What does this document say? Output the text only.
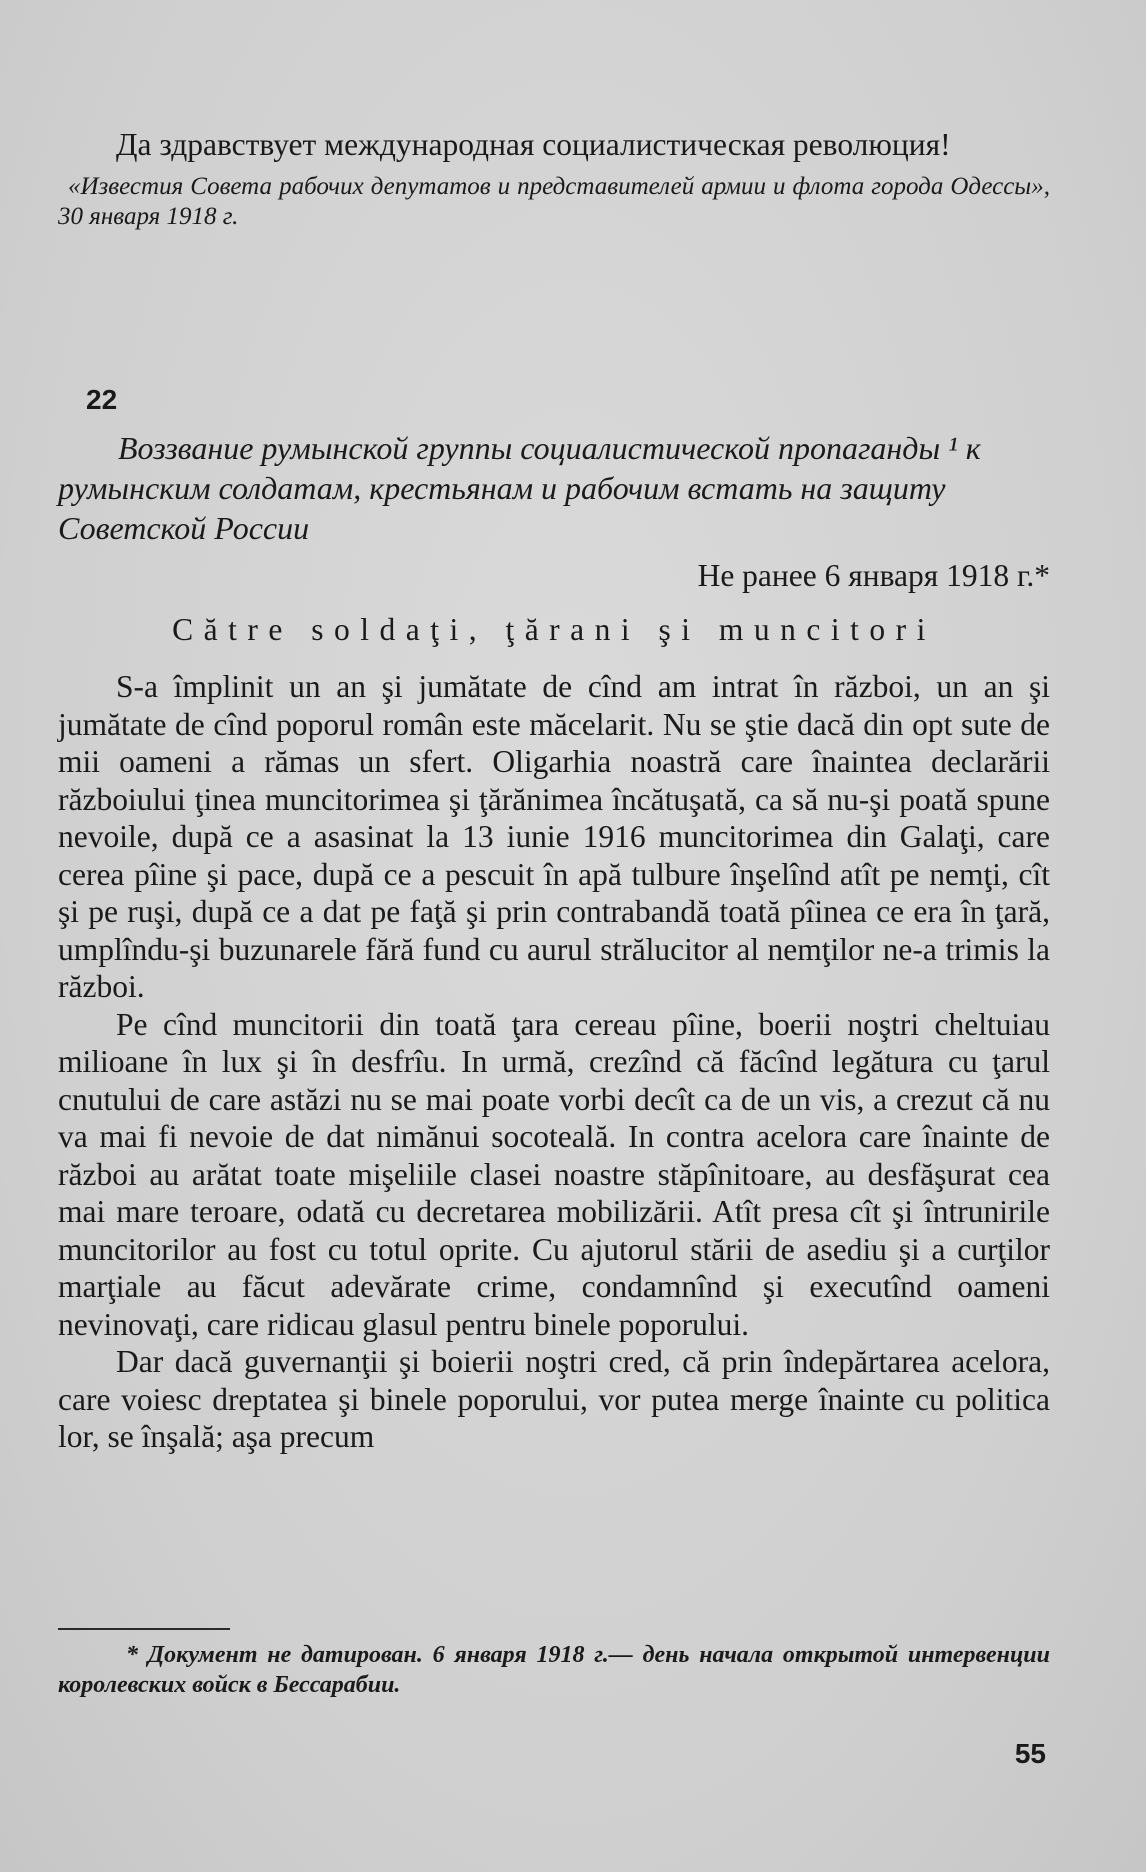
Да здравствует международная социалистическая революция!

«Известия Совета рабочих депутатов и представителей армии и флота города Одессы», 30 января 1918 г.

22

Воззвание румынской группы социалистической пропаганды ¹ к румынским солдатам, крестьянам и рабочим встать на защиту Советской России

Не ранее 6 января 1918 г.*
Către soldaţi, ţărani şi muncitori

S-a împlinit un an şi jumătate de cînd am intrat în război, un an şi jumătate de cînd poporul român este măcelarit. Nu se ştie dacă din opt sute de mii oameni a rămas un sfert. Oligarhia noastră care înaintea declarării războiului ţinea muncitorimea şi ţărănimea încătuşată, ca să nu-şi poată spune nevoile, după ce a asasinat la 13 iunie 1916 muncitorimea din Galaţi, care cerea pîine şi pace, după ce a pescuit în apă tulbure înşelînd atît pe nemţi, cît şi pe ruşi, după ce a dat pe faţă şi prin contrabandă toată pîinea ce era în ţară, umplîndu-şi buzunarele fără fund cu aurul strălucitor al nemţilor ne-a trimis la război.

Pe cînd muncitorii din toată ţara cereau pîine, boerii noştri cheltuiau milioane în lux şi în desfrîu. In urmă, crezînd că făcînd legătura cu ţarul cnutului de care astăzi nu se mai poate vorbi decît ca de un vis, a crezut că nu va mai fi nevoie de dat nimănui socoteală. In contra acelora care înainte de război au arătat toate mişeliile clasei noastre stăpînitoare, au desfăşurat cea mai mare teroare, odată cu decretarea mobilizării. Atît presa cît şi întrunirile muncitorilor au fost cu totul oprite. Cu ajutorul stării de asediu şi a curţilor marţiale au făcut adevărate crime, condamnînd şi executînd oameni nevinovaţi, care ridicau glasul pentru binele poporului.

Dar dacă guvernanţii şi boierii noştri cred, că prin îndepărtarea acelora, care voiesc dreptatea şi binele poporului, vor putea merge înainte cu politica lor, se înşală; aşa precum

* Документ не датирован. 6 января 1918 г.— день начала открытой интервенции королевских войск в Бессарабии.

55
